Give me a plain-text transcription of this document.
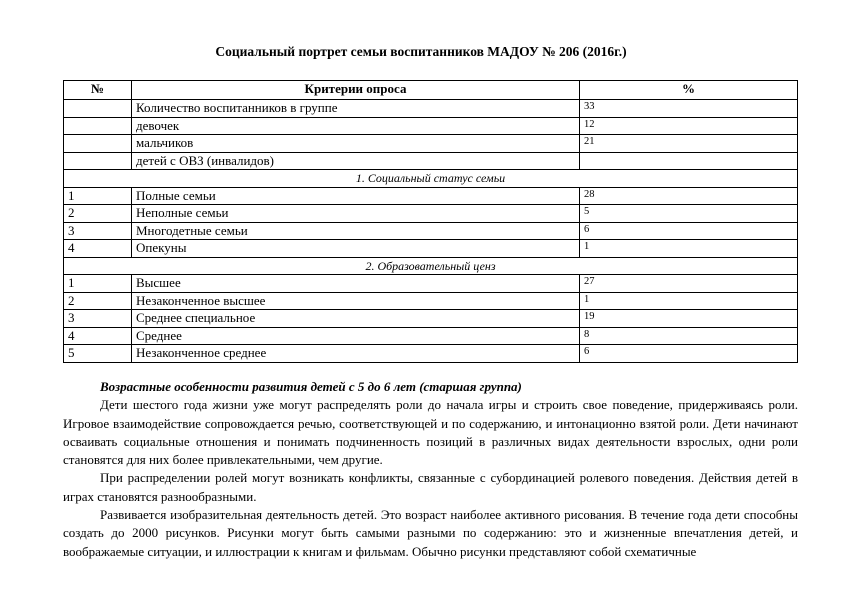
Социальный портрет семьи воспитанников МАДОУ № 206 (2016г.)
№	Критерии опроса	%
	Количество воспитанников в группе	33
	девочек	12
	мальчиков	21
	детей с ОВЗ (инвалидов)	
1. Социальный статус семьи		
1	Полные семьи	28
2	Неполные семьи	5
3	Многодетные семьи	6
4	Опекуны	1
2. Образовательный ценз		
1	Высшее	27
2	Незаконченное высшее	1
3	Среднее специальное	19
4	Среднее	8
5	Незаконченное среднее	6

Возрастные особенности развития детей с 5 до 6 лет (старшая группа)

Дети шестого года жизни уже могут распределять роли до начала игры и строить свое поведение, придерживаясь роли. Игровое взаимодействие сопровождается речью, соответствующей и по содержанию, и интонационно взятой роли. Дети начинают осваивать социальные отношения и понимать подчиненность позиций в различных видах деятельности взрослых, одни роли становятся для них более привлекательными, чем другие.

При распределении ролей могут возникать конфликты, связанные с субординацией ролевого поведения. Действия детей в играх становятся разнообразными.

Развивается изобразительная деятельность детей. Это возраст наиболее активного рисования. В течение года дети способны создать до 2000 рисунков. Рисунки могут быть самыми разными по содержанию: это и жизненные впечатления детей, и воображаемые ситуации, и иллюстрации к книгам и фильмам. Обычно рисунки представляют собой схематичные
